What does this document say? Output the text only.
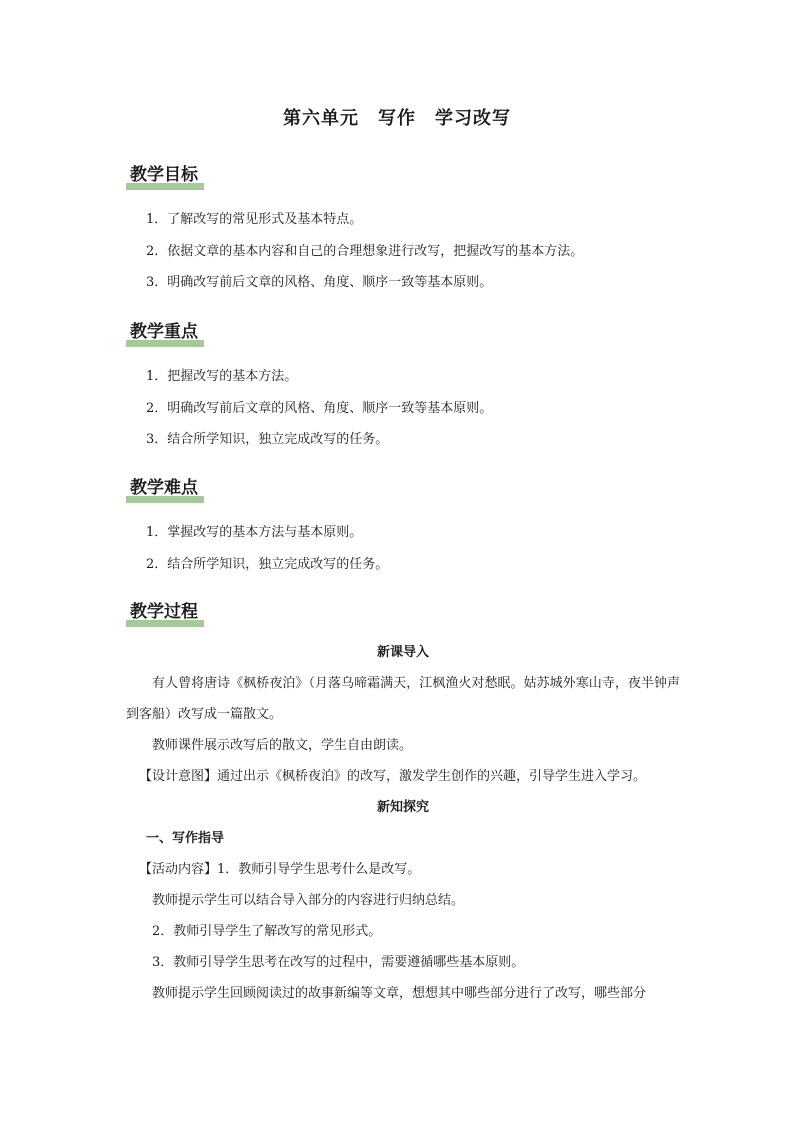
第六单元　写作　学习改写
教学目标
1．了解改写的常见形式及基本特点。
2．依据文章的基本内容和自己的合理想象进行改写，把握改写的基本方法。
3．明确改写前后文章的风格、角度、顺序一致等基本原则。
教学重点
1．把握改写的基本方法。
2．明确改写前后文章的风格、角度、顺序一致等基本原则。
3．结合所学知识，独立完成改写的任务。
教学难点
1．掌握改写的基本方法与基本原则。
2．结合所学知识，独立完成改写的任务。
教学过程

新课导入

有人曾将唐诗《枫桥夜泊》（月落乌啼霜满天，江枫渔火对愁眠。姑苏城外寒山寺，夜半钟声到客船）改写成一篇散文。

教师课件展示改写后的散文，学生自由朗读。

【设计意图】通过出示《枫桥夜泊》的改写，激发学生创作的兴趣，引导学生进入学习。

新知探究

一、写作指导

【活动内容】1．教师引导学生思考什么是改写。

教师提示学生可以结合导入部分的内容进行归纳总结。

2．教师引导学生了解改写的常见形式。

3．教师引导学生思考在改写的过程中，需要遵循哪些基本原则。

教师提示学生回顾阅读过的故事新编等文章，想想其中哪些部分进行了改写，哪些部分
